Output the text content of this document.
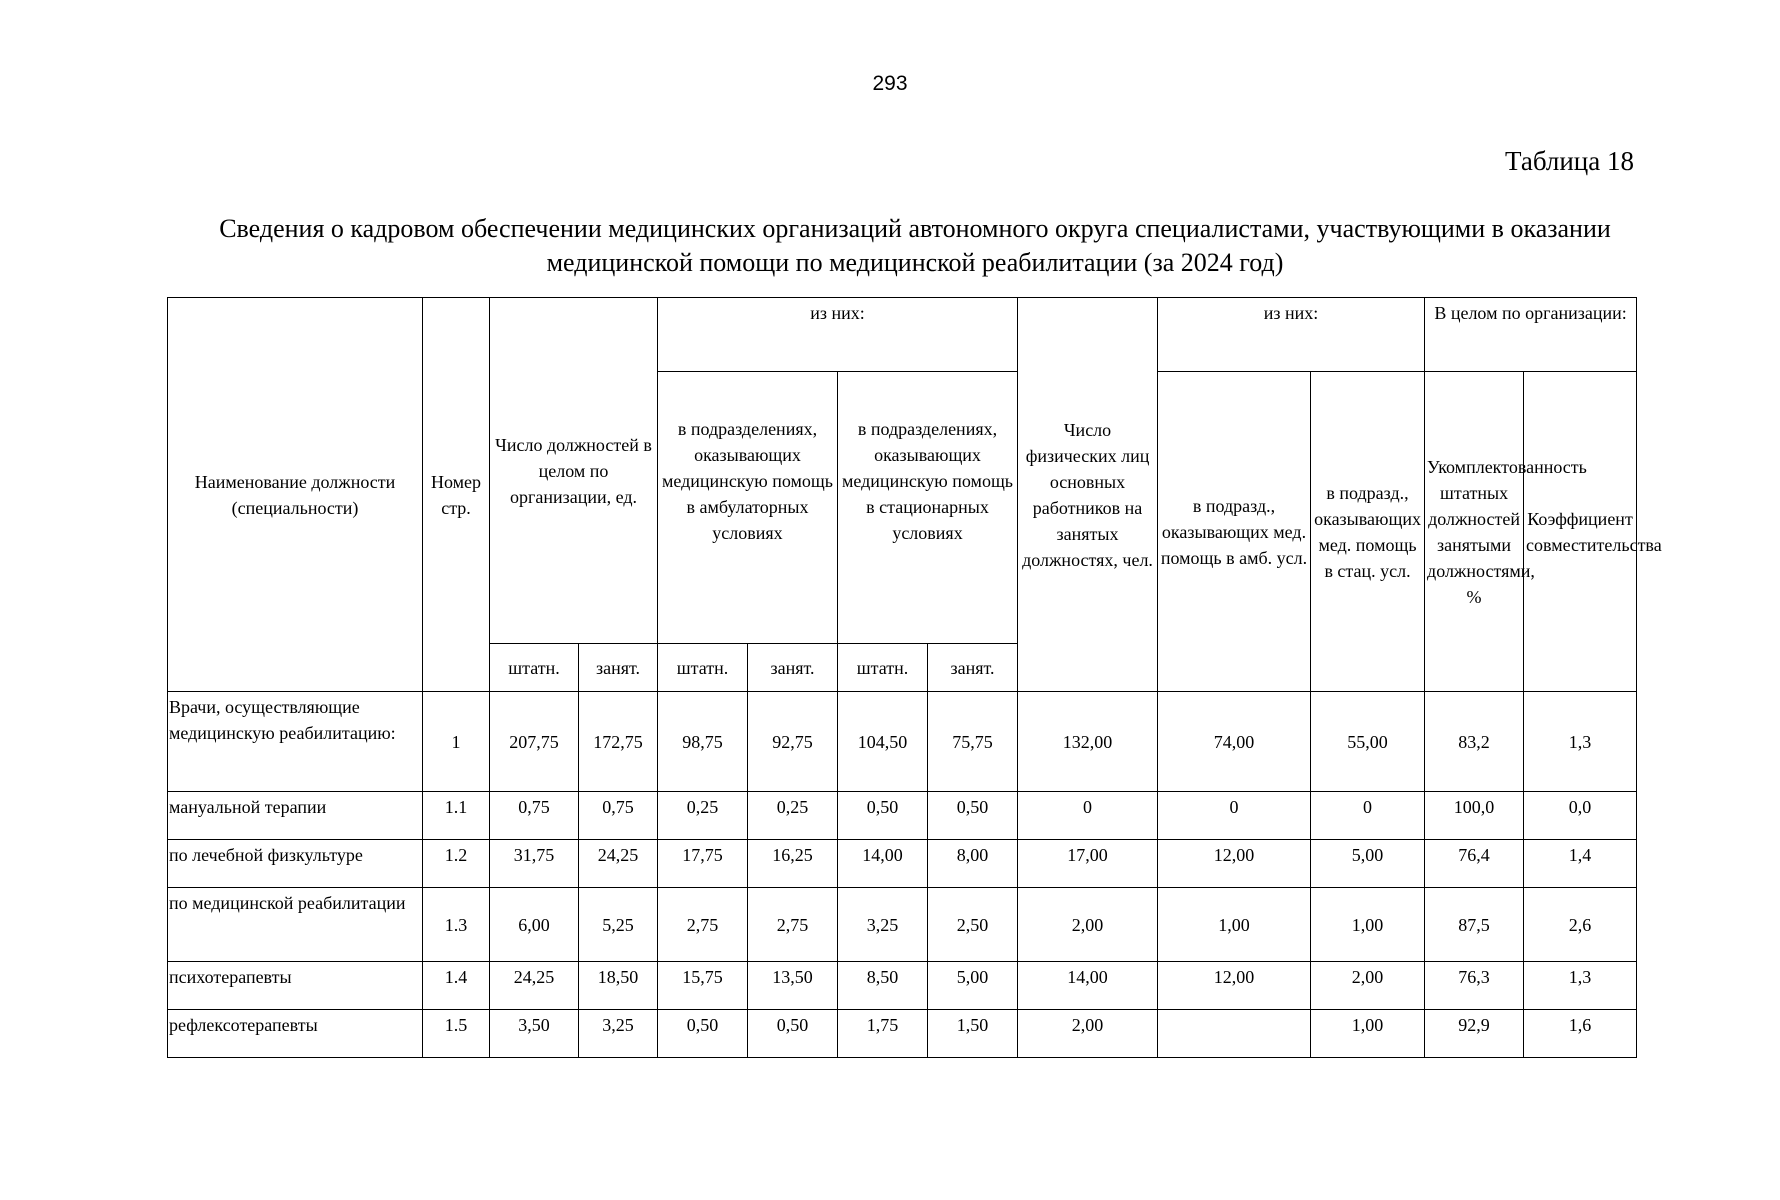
293
Таблица 18
Сведения о кадровом обеспечении медицинских организаций автономного округа специалистами, участвующими в оказании медицинской помощи по медицинской реабилитации (за 2024 год)
Наименование должности (специальности)	Номер стр.	Число должностей в целом по организации, ед.		из них:				Число физических лиц основных работников на занятых должностях, чел.	из них:		В целом по организации:	
				в подразделениях, оказывающих медицинскую помощь в амбулаторных условиях		в подразделениях, оказывающих медицинскую помощь в стационарных условиях			в подразд., оказывающих мед. помощь в амб. усл.	в подразд., оказывающих мед. помощь в стац. усл.	Укомплектованность штатных должностей занятыми должностями, %	Коэффициент совместительства
		штатн.	занят.	штатн.	занят.	штатн.	занят.					
Врачи, осуществляющие медицинскую реабилитацию:	1	207,75	172,75	98,75	92,75	104,50	75,75	132,00	74,00	55,00	83,2	1,3
мануальной терапии	1.1	0,75	0,75	0,25	0,25	0,50	0,50	0	0	0	100,0	0,0
по лечебной физкультуре	1.2	31,75	24,25	17,75	16,25	14,00	8,00	17,00	12,00	5,00	76,4	1,4
по медицинской реабилитации	1.3	6,00	5,25	2,75	2,75	3,25	2,50	2,00	1,00	1,00	87,5	2,6
психотерапевты	1.4	24,25	18,50	15,75	13,50	8,50	5,00	14,00	12,00	2,00	76,3	1,3
рефлексотерапевты	1.5	3,50	3,25	0,50	0,50	1,75	1,50	2,00		1,00	92,9	1,6
